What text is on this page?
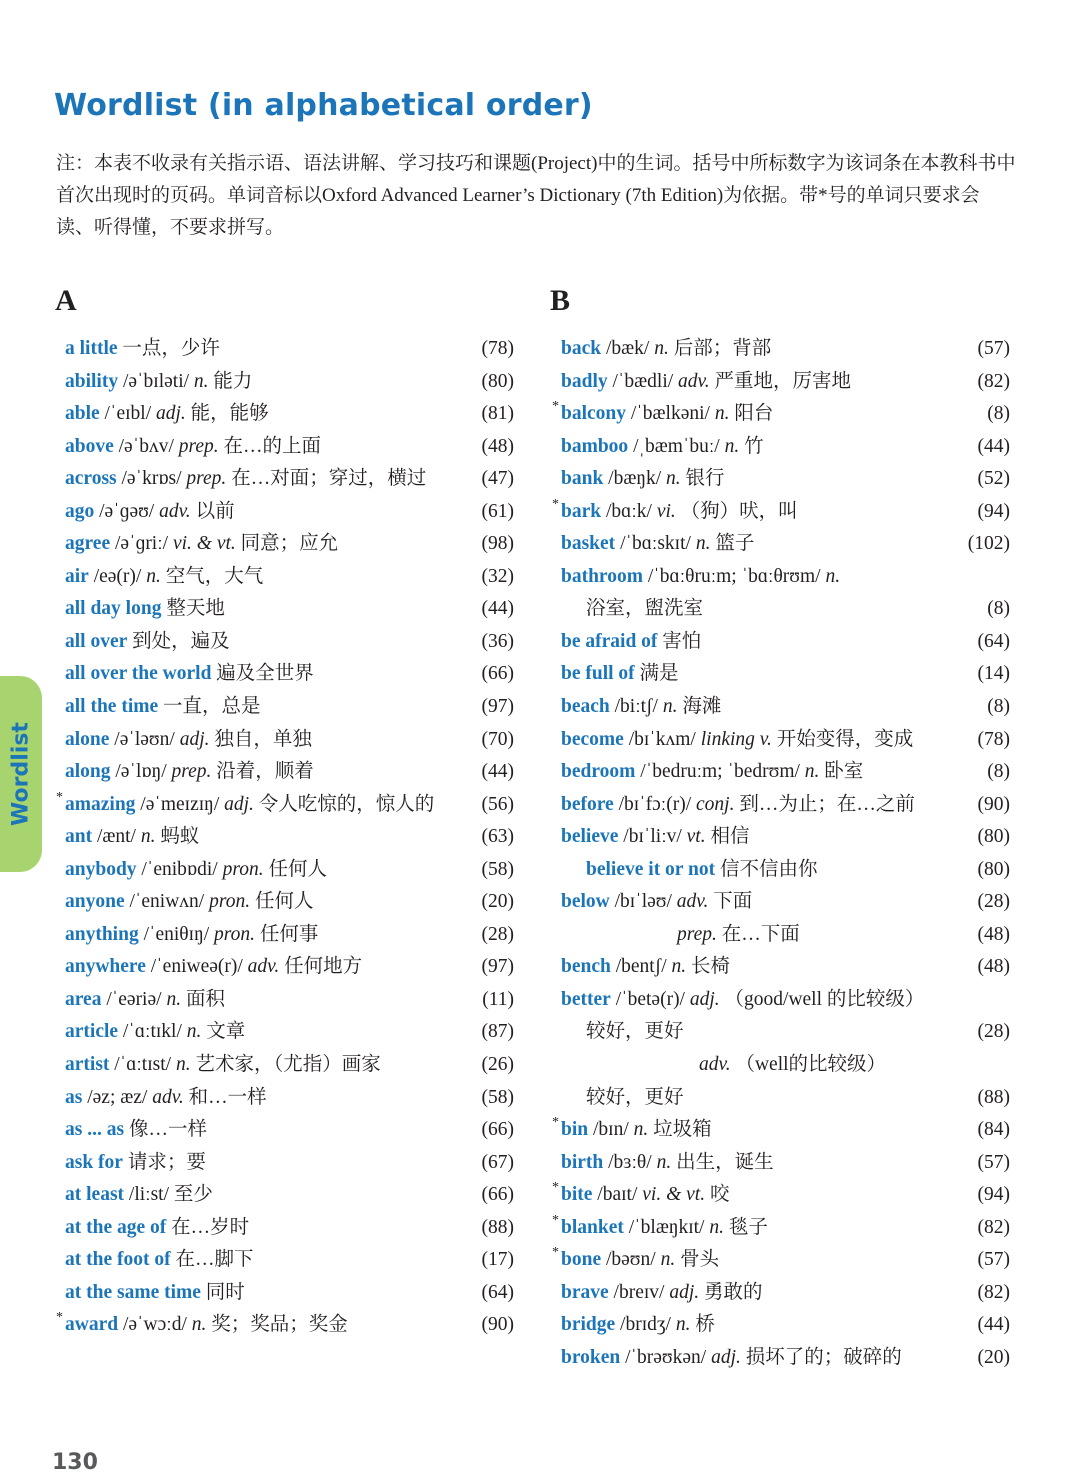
Wordlist (in alphabetical order)
注：本表不收录有关指示语、语法讲解、学习技巧和课题(Project)中的生词。括号中所标数字为该词条在本教科书中首次出现时的页码。单词音标以Oxford Advanced Learner’s Dictionary (7th Edition)为依据。带*号的单词只要求会读、听得懂，不要求拼写。
A	B
a little 一点，少许	(78)
ability /əˈbɪləti/ n. 能力	(80)
able /ˈeɪbl/ adj. 能，能够	(81)
above /əˈbʌv/ prep. 在…的上面	(48)
across /əˈkrɒs/ prep. 在…对面；穿过，横过	(47)
ago /əˈɡəʊ/ adv. 以前	(61)
agree /əˈɡriː/ vi. & vt. 同意；应允	(98)
air /eə(r)/ n. 空气，大气	(32)
all day long 整天地	(44)
all over 到处，遍及	(36)
all over the world 遍及全世界	(66)
all the time 一直，总是	(97)
alone /əˈləʊn/ adj. 独自，单独	(70)
along /əˈlɒŋ/ prep. 沿着，顺着	(44)
* amazing /əˈmeɪzɪŋ/ adj. 令人吃惊的，惊人的 (56)
ant /ænt/ n. 蚂蚁	(63)
anybody /ˈenibɒdi/ pron. 任何人	(58)
anyone /ˈeniwʌn/ pron. 任何人	(20)
anything /ˈeniθɪŋ/ pron. 任何事	(28)
anywhere /ˈeniweə(r)/ adv. 任何地方	(97)
area /ˈeəriə/ n. 面积	(11)
article /ˈɑːtɪkl/ n. 文章	(87)
artist /ˈɑːtɪst/ n. 艺术家，（尤指）画家	(26)
as /əz; æz/ adv. 和…一样	(58)
as ... as 像…一样	(66)
ask for 请求；要	(67)
at least /liːst/ 至少	(66)
at the age of 在…岁时	(88)
at the foot of 在…脚下	(17)
at the same time 同时	(64)
* award /əˈwɔːd/ n. 奖；奖品；奖金	(90)
back /bæk/ n. 后部；背部	(57)
badly /ˈbædli/ adv. 严重地，厉害地	(82)
* balcony /ˈbælkəni/ n. 阳台	(8)
bamboo /ˌbæmˈbuː/ n. 竹	(44)
bank /bæŋk/ n. 银行	(52)
* bark /bɑːk/ vi. （狗）吠，叫	(94)
basket /ˈbɑːskɪt/ n. 篮子	(102)
bathroom /ˈbɑːθruːm; ˈbɑːθrʊm/ n.
浴室，盥洗室	(8)
be afraid of 害怕	(64)
be full of 满是	(14)
beach /biːtʃ/ n. 海滩	(8)
become /bɪˈkʌm/ linking v. 开始变得，变成	(78)
bedroom /ˈbedruːm; ˈbedrʊm/ n. 卧室	(8)
before /bɪˈfɔː(r)/ conj. 到…为止；在…之前	(90)
believe /bɪˈliːv/ vt. 相信	(80)
believe it or not 信不信由你	(80)
below /bɪˈləʊ/ adv. 下面	(28)
prep. 在…下面	(48)
bench /bentʃ/ n. 长椅	(48)
better /ˈbetə(r)/ adj. （good/well 的比较级）
较好，更好	(28)
adv. （well的比较级）
较好，更好	(88)
* bin /bɪn/ n. 垃圾箱	(84)
birth /bɜːθ/ n. 出生，诞生	(57)
* bite /baɪt/ vi. & vt. 咬	(94)
* blanket /ˈblæŋkɪt/ n. 毯子	(82)
* bone /bəʊn/ n. 骨头	(57)
brave /breɪv/ adj. 勇敢的	(82)
bridge /brɪdʒ/ n. 桥	(44)
broken /ˈbrəʊkən/ adj. 损坏了的；破碎的	(20)
Wordlist
130
